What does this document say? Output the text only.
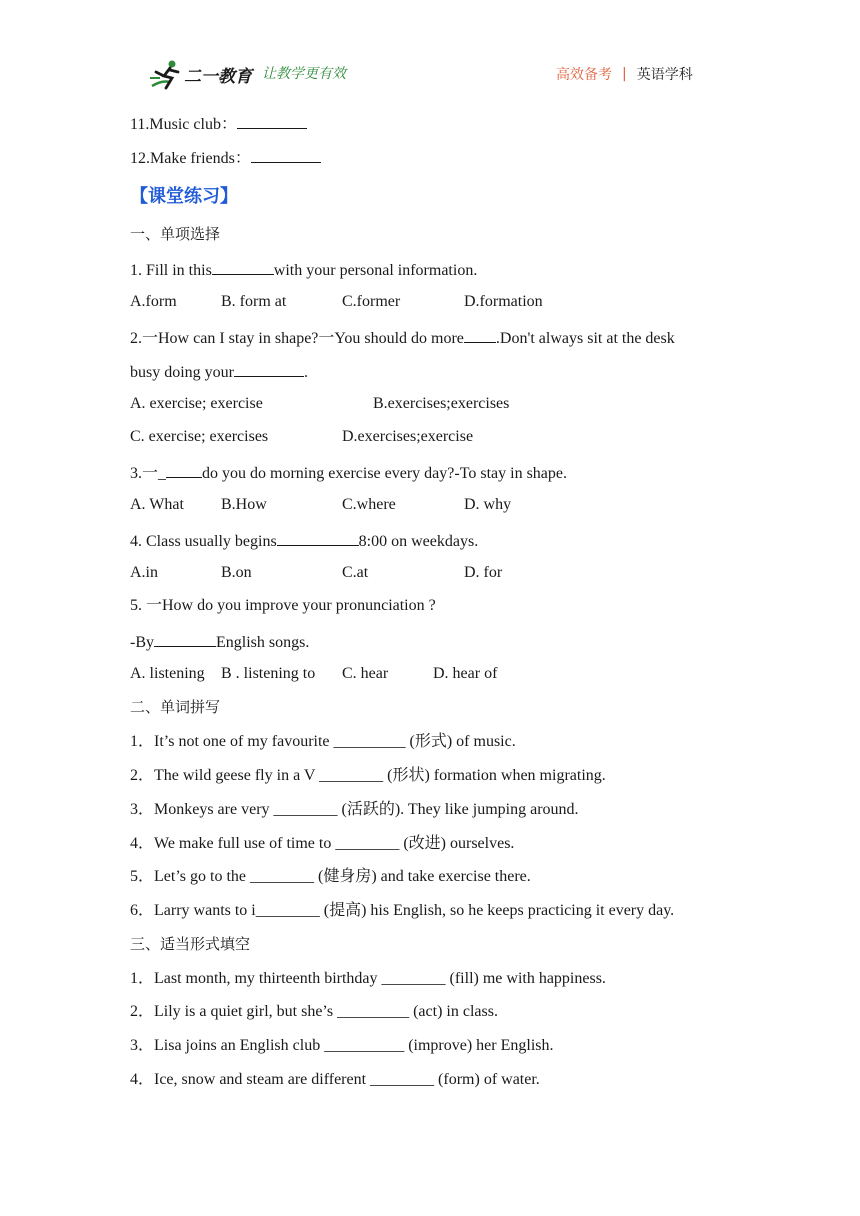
二一教育 让教学更有效	高效备考 | 英语学科
11.Music club：
12.Make friends：
【课堂练习】
一、单项选择
1. Fill in this	with your personal information.
A.form	B. form at	C.former	D.formation
2.一How can I stay in shape?一You should do more .Don't always sit at the desk
busy doing your	.
A. exercise; exercise	B.exercises;exercises
C. exercise; exercises	D.exercises;exercise
3.一_ do you do morning exercise every day?-To stay in shape.
A. What B.How	C.where	D. why
4. Class usually begins	8:00 on weekdays.
A.in	B.on	C.at	D. for
5. 一How do you improve your pronunciation ?
-By	English songs.
A. listening B . listening to C. hear	D. hear of
二、单词拼写
1．It’s not one of my favourite _________ (形式) of music.
2．The wild geese fly in a V ________ (形状) formation when migrating.
3．Monkeys are very ________ (活跃的). They like jumping around.
4．We make full use of time to ________ (改进) ourselves.
5．Let’s go to the ________ (健身房) and take exercise there.
6．Larry wants to i________ (提高) his English, so he keeps practicing it every day.
三、适当形式填空
1．Last month, my thirteenth birthday ________ (fill) me with happiness.
2．Lily is a quiet girl, but she’s _________ (act) in class.
3．Lisa joins an English club __________ (improve) her English.
4．Ice, snow and steam are different ________ (form) of water.
